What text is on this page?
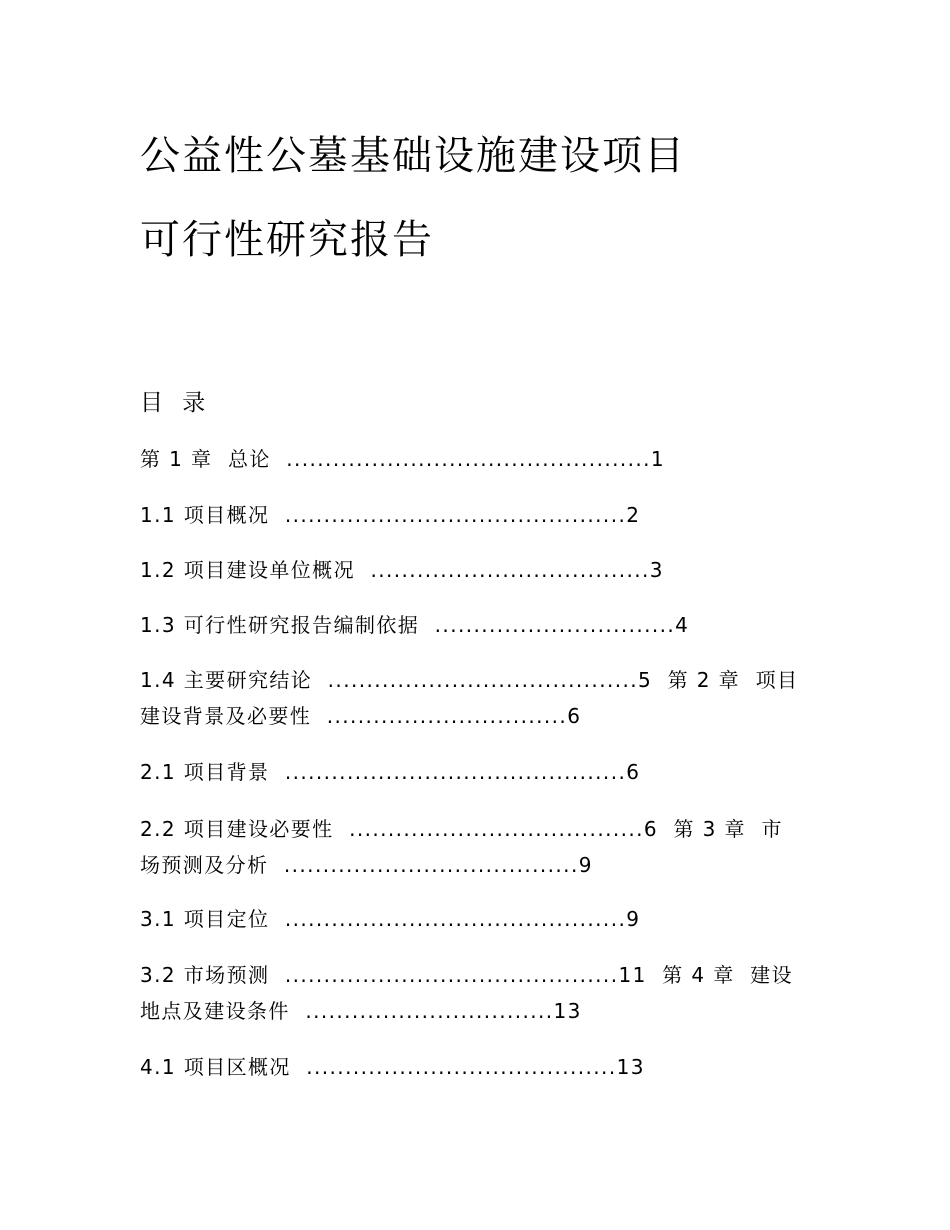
公益性公墓基础设施建设项目
可行性研究报告
目 录

第 1 章  总论  ...............................................1

1.1 项目概况  ............................................2

1.2 项目建设单位概况  ....................................3

1.3 可行性研究报告编制依据  ...............................4

1.4 主要研究结论  ........................................5  第 2 章  项目
建设背景及必要性  ...............................6

2.1 项目背景  ............................................6

2.2 项目建设必要性  ......................................6  第 3 章  市
场预测及分析  ......................................9

3.1 项目定位  ............................................9

3.2 市场预测  ...........................................11  第 4 章  建设
地点及建设条件  ................................13

4.1 项目区概况  ........................................13
